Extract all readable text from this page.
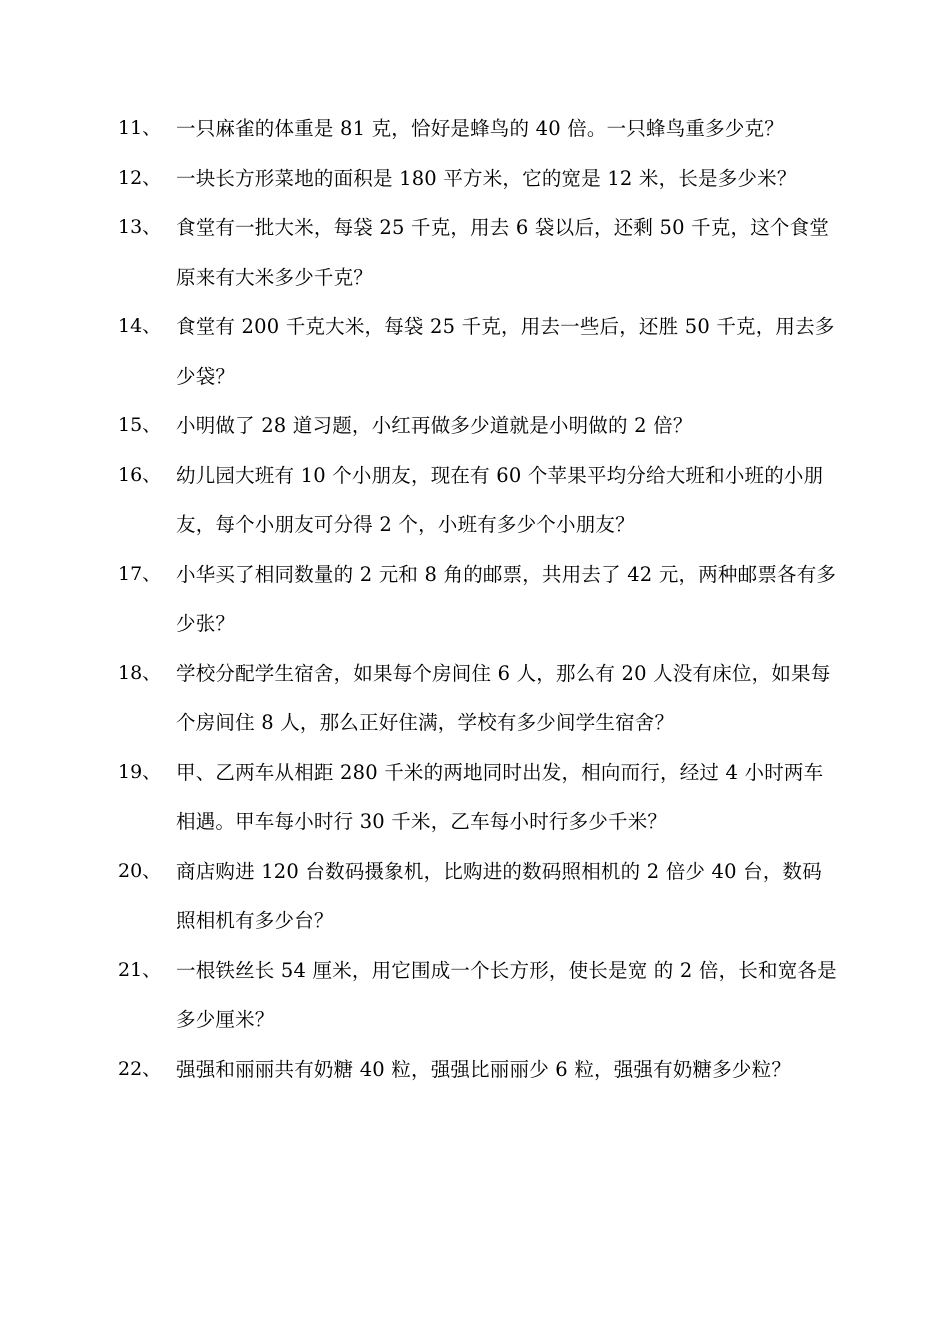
11、 一只麻雀的体重是 81 克，恰好是蜂鸟的 40 倍。一只蜂鸟重多少克？
12、 一块长方形菜地的面积是 180 平方米，它的宽是 12 米，长是多少米？
13、 食堂有一批大米，每袋 25 千克，用去 6 袋以后，还剩 50 千克，这个食堂原来有大米多少千克？
14、 食堂有 200 千克大米，每袋 25 千克，用去一些后，还胜 50 千克，用去多少袋？
15、 小明做了 28 道习题，小红再做多少道就是小明做的 2 倍？
16、 幼儿园大班有 10 个小朋友，现在有 60 个苹果平均分给大班和小班的小朋友，每个小朋友可分得 2 个，小班有多少个小朋友？
17、 小华买了相同数量的 2 元和 8 角的邮票，共用去了 42 元，两种邮票各有多少张？
18、 学校分配学生宿舍，如果每个房间住 6 人，那么有 20 人没有床位，如果每个房间住 8 人，那么正好住满，学校有多少间学生宿舍？
19、 甲、乙两车从相距 280 千米的两地同时出发，相向而行，经过 4 小时两车相遇。甲车每小时行 30 千米，乙车每小时行多少千米？
20、 商店购进 120 台数码摄象机，比购进的数码照相机的 2 倍少 40 台，数码照相机有多少台？
21、 一根铁丝长 54 厘米，用它围成一个长方形，使长是宽 的 2 倍，长和宽各是多少厘米？
22、 强强和丽丽共有奶糖 40 粒，强强比丽丽少 6 粒，强强有奶糖多少粒？
